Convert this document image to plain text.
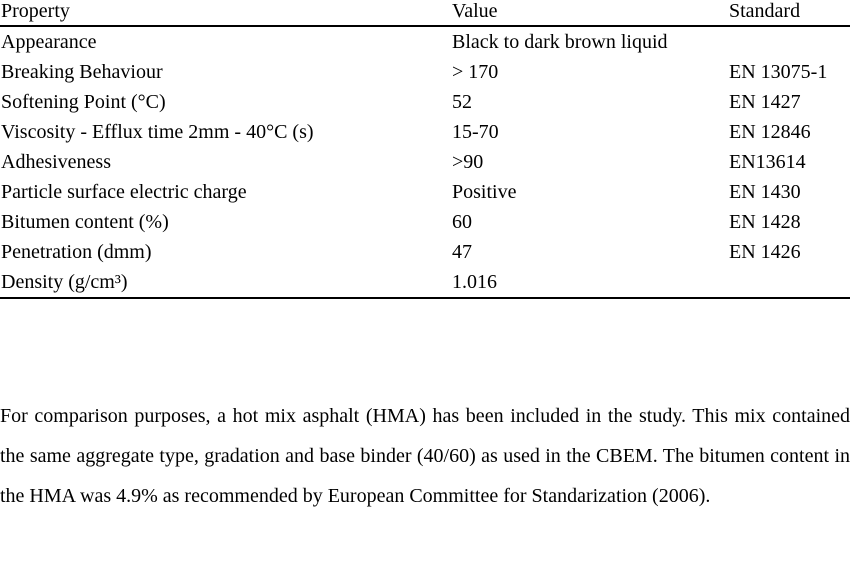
Property	Value	Standard
Appearance	Black to dark brown liquid	
Breaking Behaviour	> 170	EN 13075-1
Softening Point (°C)	52	EN 1427
Viscosity - Efflux time 2mm - 40°C (s)	15-70	EN 12846
Adhesiveness	>90	EN13614
Particle surface electric charge	Positive	EN 1430
Bitumen content (%)	60	EN 1428
Penetration (dmm)	47	EN 1426
Density (g/cm³)	1.016	

For comparison purposes, a hot mix asphalt (HMA) has been included in the study. This mix contained the same aggregate type, gradation and base binder (40/60) as used in the CBEM. The bitumen content in the HMA was 4.9% as recommended by European Committee for Standarization (2006).
